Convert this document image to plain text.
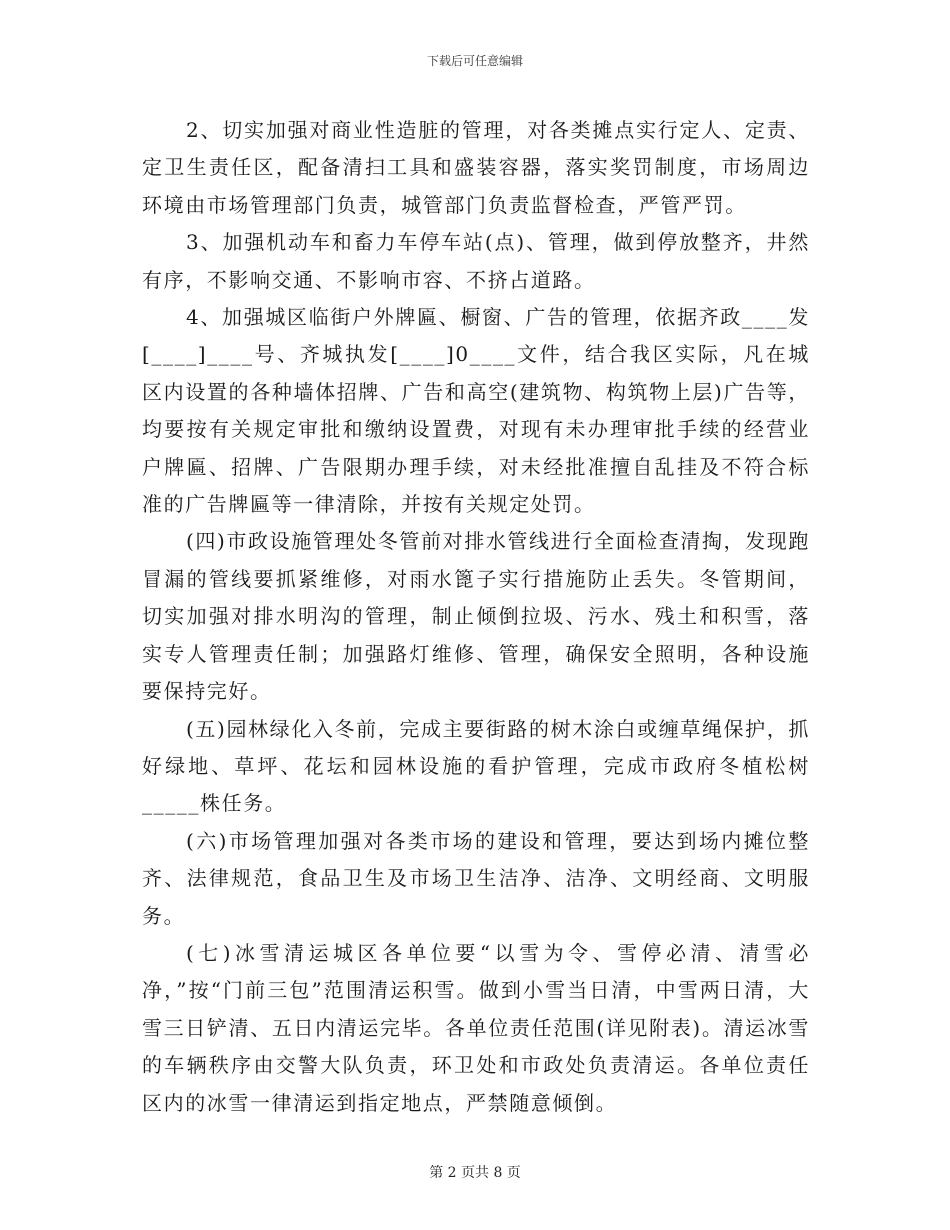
下载后可任意编辑

2、切实加强对商业性造脏的管理，对各类摊点实行定人、定责、定卫生责任区，配备清扫工具和盛装容器，落实奖罚制度，市场周边环境由市场管理部门负责，城管部门负责监督检查，严管严罚。

3、加强机动车和畜力车停车站(点)、管理，做到停放整齐，井然有序，不影响交通、不影响市容、不挤占道路。

4、加强城区临街户外牌匾、橱窗、广告的管理，依据齐政____发[____]____号、齐城执发[____]0____文件，结合我区实际，凡在城区内设置的各种墙体招牌、广告和高空(建筑物、构筑物上层)广告等，均要按有关规定审批和缴纳设置费，对现有未办理审批手续的经营业户牌匾、招牌、广告限期办理手续，对未经批准擅自乱挂及不符合标准的广告牌匾等一律清除，并按有关规定处罚。

(四)市政设施管理处冬管前对排水管线进行全面检查清掏，发现跑冒漏的管线要抓紧维修，对雨水篦子实行措施防止丢失。冬管期间，切实加强对排水明沟的管理，制止倾倒拉圾、污水、残土和积雪，落实专人管理责任制；加强路灯维修、管理，确保安全照明，各种设施要保持完好。

(五)园林绿化入冬前，完成主要街路的树木涂白或缠草绳保护，抓好绿地、草坪、花坛和园林设施的看护管理，完成市政府冬植松树_____株任务。

(六)市场管理加强对各类市场的建设和管理，要达到场内摊位整齐、法律规范，食品卫生及市场卫生洁净、洁净、文明经商、文明服务。

(七)冰雪清运城区各单位要“以雪为令、雪停必清、清雪必净，”按“门前三包”范围清运积雪。做到小雪当日清，中雪两日清，大雪三日铲清、五日内清运完毕。各单位责任范围(详见附表)。清运冰雪的车辆秩序由交警大队负责，环卫处和市政处负责清运。各单位责任区内的冰雪一律清运到指定地点，严禁随意倾倒。

第 2 页共 8 页
